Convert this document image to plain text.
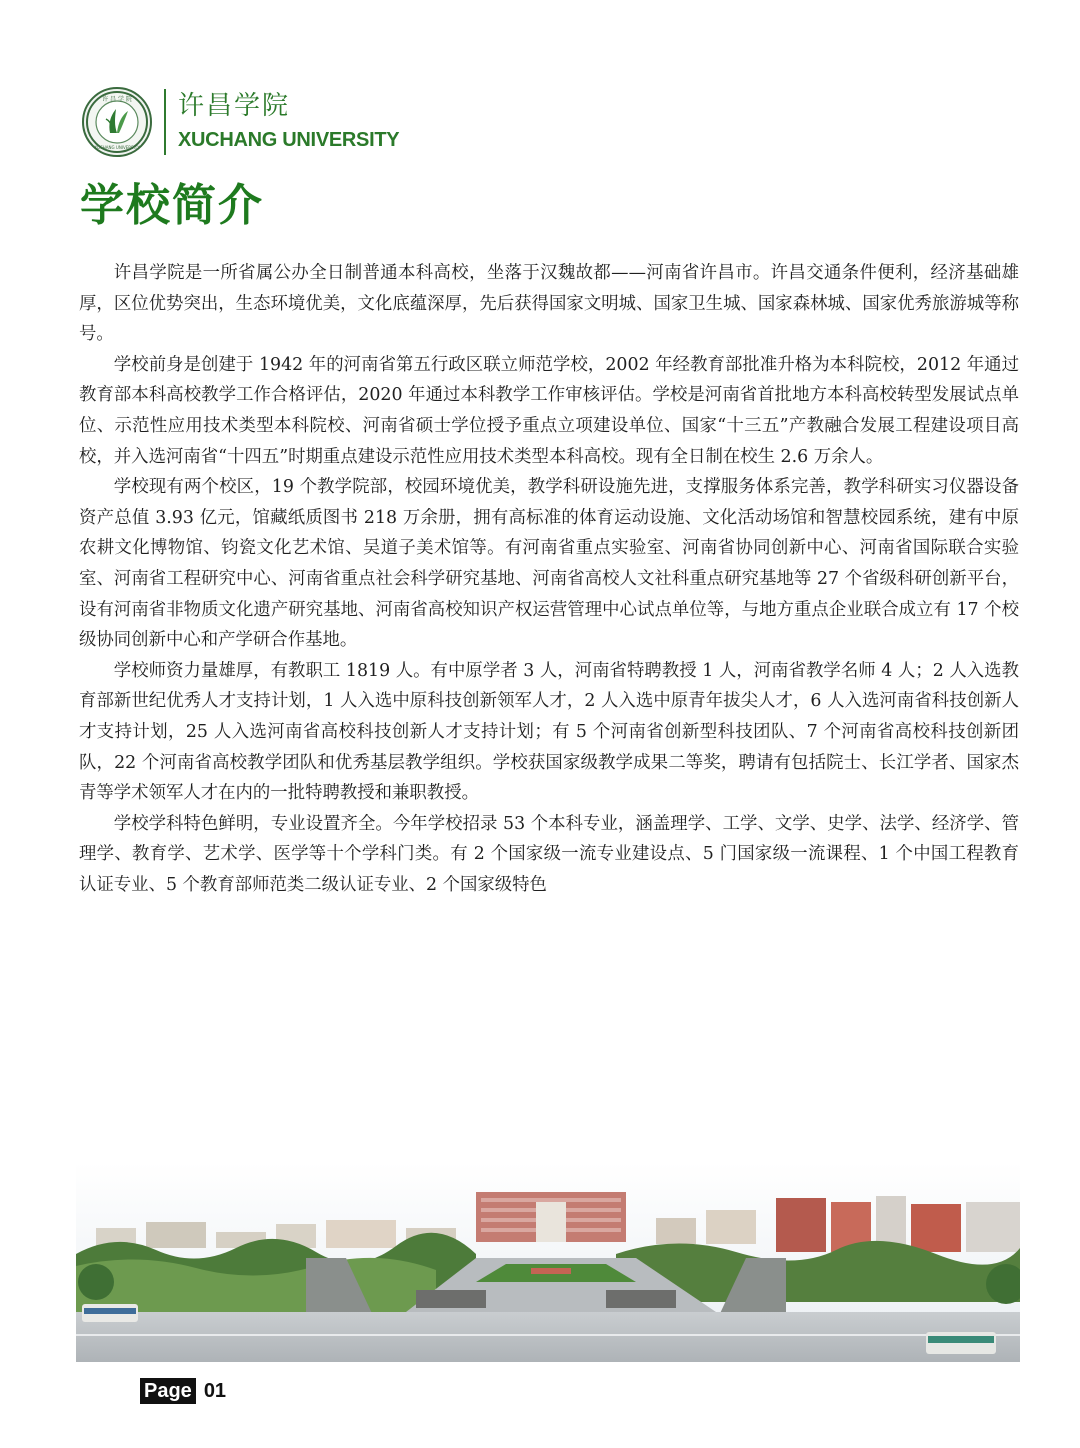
许 昌 学 院
XUCHANG UNIVERSITY
许昌学院
XUCHANG UNIVERSITY
学校简介

许昌学院是一所省属公办全日制普通本科高校，坐落于汉魏故都——河南省许昌市。许昌交通条件便利，经济基础雄厚，区位优势突出，生态环境优美，文化底蕴深厚，先后获得国家文明城、国家卫生城、国家森林城、国家优秀旅游城等称号。

学校前身是创建于 1942 年的河南省第五行政区联立师范学校，2002 年经教育部批准升格为本科院校，2012 年通过教育部本科高校教学工作合格评估，2020 年通过本科教学工作审核评估。学校是河南省首批地方本科高校转型发展试点单位、示范性应用技术类型本科院校、河南省硕士学位授予重点立项建设单位、国家“十三五”产教融合发展工程建设项目高校，并入选河南省“十四五”时期重点建设示范性应用技术类型本科高校。现有全日制在校生 2.6 万余人。

学校现有两个校区，19 个教学院部，校园环境优美，教学科研设施先进，支撑服务体系完善，教学科研实习仪器设备资产总值 3.93 亿元，馆藏纸质图书 218 万余册，拥有高标准的体育运动设施、文化活动场馆和智慧校园系统，建有中原农耕文化博物馆、钧瓷文化艺术馆、吴道子美术馆等。有河南省重点实验室、河南省协同创新中心、河南省国际联合实验室、河南省工程研究中心、河南省重点社会科学研究基地、河南省高校人文社科重点研究基地等 27 个省级科研创新平台，设有河南省非物质文化遗产研究基地、河南省高校知识产权运营管理中心试点单位等，与地方重点企业联合成立有 17 个校级协同创新中心和产学研合作基地。

学校师资力量雄厚，有教职工 1819 人。有中原学者 3 人，河南省特聘教授 1 人，河南省教学名师 4 人；2 人入选教育部新世纪优秀人才支持计划，1 人入选中原科技创新领军人才，2 人入选中原青年拔尖人才，6 人入选河南省科技创新人才支持计划，25 人入选河南省高校科技创新人才支持计划；有 5 个河南省创新型科技团队、7 个河南省高校科技创新团队，22 个河南省高校教学团队和优秀基层教学组织。学校获国家级教学成果二等奖，聘请有包括院士、长江学者、国家杰青等学术领军人才在内的一批特聘教授和兼职教授。

学校学科特色鲜明，专业设置齐全。今年学校招录 53 个本科专业，涵盖理学、工学、文学、史学、法学、经济学、管理学、教育学、艺术学、医学等十个学科门类。有 2 个国家级一流专业建设点、5 门国家级一流课程、1 个中国工程教育认证专业、5 个教育部师范类二级认证专业、2 个国家级特色

Page 01
